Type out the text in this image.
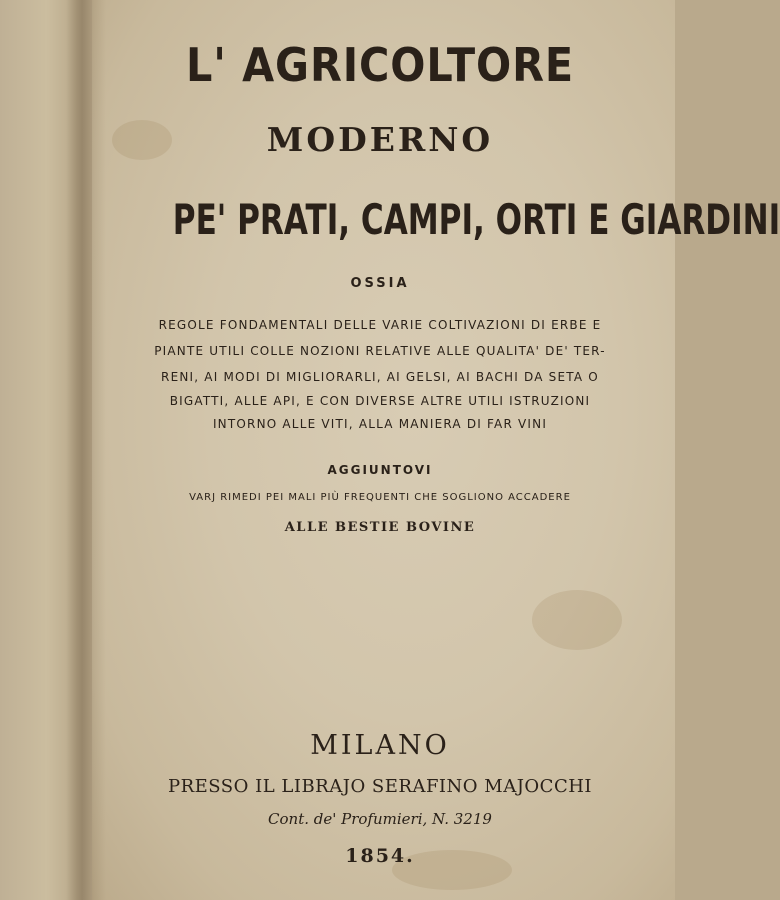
L' AGRICOLTORE
MODERNO
PE' PRATI, CAMPI, ORTI E GIARDINI
OSSIA
REGOLE FONDAMENTALI DELLE VARIE COLTIVAZIONI DI ERBE E
PIANTE UTILI COLLE NOZIONI RELATIVE ALLE QUALITA' DE' TER-
RENI, AI MODI DI MIGLIORARLI, AI GELSI, AI BACHI DA SETA O
BIGATTI, ALLE API, E CON DIVERSE ALTRE UTILI ISTRUZIONI
INTORNO ALLE VITI, ALLA MANIERA DI FAR VINI
AGGIUNTOVI
VARJ RIMEDI PEI MALI PIÙ FREQUENTI CHE SOGLIONO ACCADERE
ALLE BESTIE BOVINE
MILANO
PRESSO IL LIBRAJO SERAFINO MAJOCCHI
Cont. de' Profumieri, N. 3219
1854.
